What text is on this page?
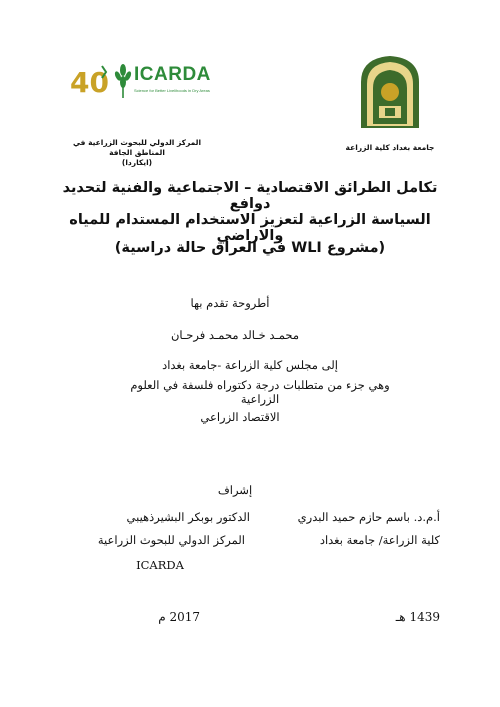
40 ICARDA
Science for Better Livelihoods in Dry Areas
المركز الدولي للبحوث الزراعية في المناطق الجافة
(ايكاردا)
جامعة بغداد كلية الزراعة
تكامل الطرائق الاقتصادية – الاجتماعية والفنية لتحديد دوافع
السياسة الزراعية لتعزيز الاستخدام المستدام للمياه والاراضي
(مشروع WLI في العراق حالة دراسية)
أطروحة تقدم بها
محمـد خـالد محمـد فرحـان
إلى مجلس كلية الزراعة -جامعة بغداد
وهي جزء من متطلبات درجة دكتوراه فلسفة في العلوم الزراعية
الاقتصاد الزراعي
إشراف
أ.م.د. باسم حازم حميد البدري
الدكتور بوبكر البشيرذهيبي
كلية الزراعة/ جامعة بغداد
المركز الدولي للبحوث الزراعية
ICARDA
1439 هـ
2017 م
